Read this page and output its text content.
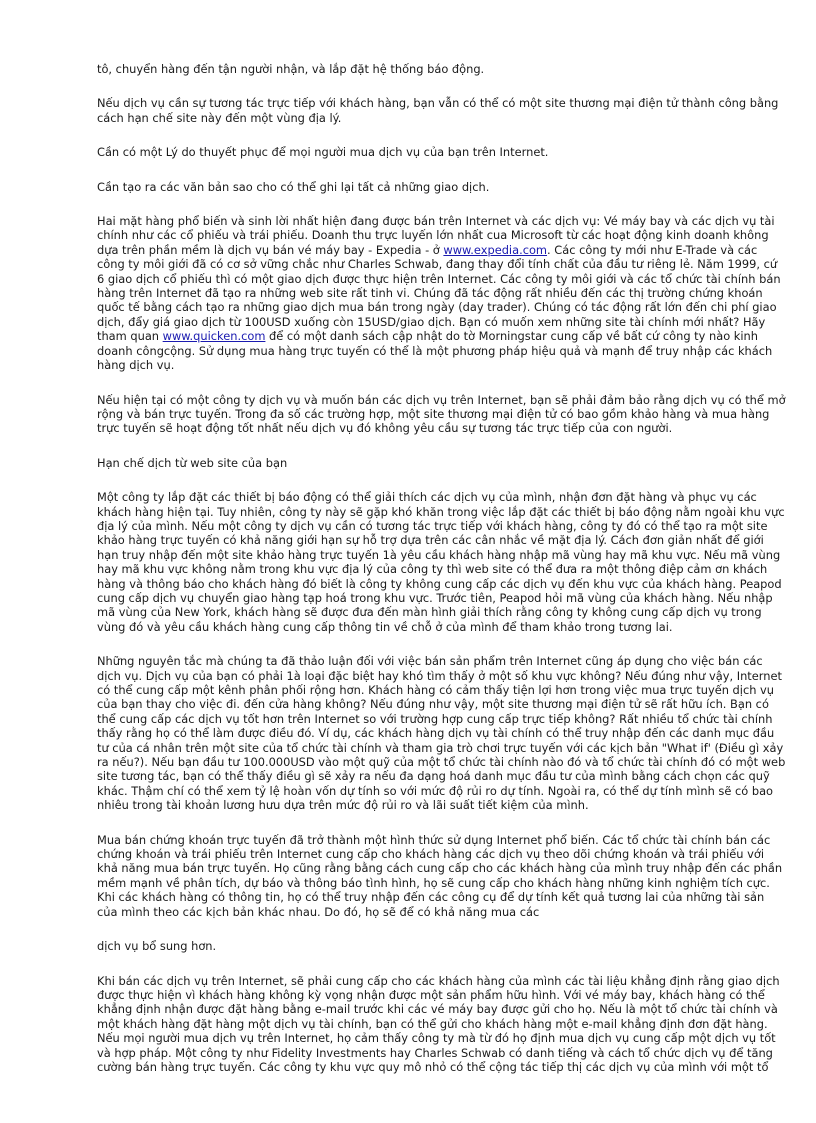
tô, chuyển hàng đến tận người nhận, và lắp đặt hệ thống báo động.

Nếu dịch vụ cần sự tương tác trực tiếp với khách hàng, bạn vẫn có thể có một site thương mại điện tử thành công bằng cách hạn chế site này đến một vùng địa lý.

Cần có một Lý do thuyết phục để mọi người mua dịch vụ của bạn trên Internet.

Cần tạo ra các văn bản sao cho có thể ghi lại tất cả những giao dịch.

Hai mặt hàng phổ biến và sinh lời nhất hiện đang được bán trên Internet và các dịch vụ: Vé máy bay và các dịch vụ tài chính như các cổ phiếu và trái phiếu. Doanh thu trực luyến lớn nhất cua Microsoft từ các hoạt động kinh doanh không dựa trên phần mềm là dịch vụ bán vé máy bay - Expedia - ở www.expedia.com. Các công ty mới như E-Trade và các công ty môi giới đã có cơ sở vững chắc như Charles Schwab, đang thay đổi tính chất của đầu tư riêng lẻ. Năm 1999, cứ 6 giao dịch cổ phiếu thì có một giao dịch được thực hiện trên Internet. Các công ty môi giới và các tổ chức tài chính bán hàng trên Internet đã tạo ra những web site rất tinh vi. Chúng đã tác động rất nhiều đến các thị trường chứng khoán quốc tế bằng cách tạo ra những giao dịch mua bán trong ngày (day trader). Chúng có tác động rất lớn đến chi phí giao dịch, đẩy giá giao dịch từ 100USD xuống còn 15USD/giao dịch. Bạn có muốn xem những site tài chính mới nhất? Hãy tham quan www.quicken.com để có một danh sách cập nhật do tờ Morningstar cung cấp về bất cứ công ty nào kinh doanh côngcộng. Sử dụng mua hàng trực tuyến có thể là một phương pháp hiệu quả và mạnh để truy nhập các khách hàng dịch vụ.

Nếu hiện tại có một công ty dịch vụ và muốn bán các dịch vụ trên Internet, bạn sẽ phải đảm bảo rằng dịch vụ có thể mở rộng và bán trực tuyến. Trong đa số các trường hợp, một site thương mại điện tử có bao gồm khảo hàng và mua hàng trực tuyến sẽ hoạt động tốt nhất nếu dịch vụ đó không yêu cầu sự tương tác trực tiếp của con người.

Hạn chế dịch từ web site của bạn

Một công ty lắp đặt các thiết bị báo động có thể giải thích các dịch vụ của mình, nhận đơn đặt hàng và phục vụ các khách hàng hiện tại. Tuy nhiên, công ty này sẽ gặp khó khăn trong việc lắp đặt các thiết bị báo động nằm ngoài khu vực địa lý của mình. Nếu một công ty dịch vụ cần có tương tác trực tiếp với khách hàng, công ty đó có thể tạo ra một site khảo hàng trực tuyến có khả năng giới hạn sự hỗ trợ dựa trên các cân nhắc về mặt địa lý. Cách đơn giản nhất để giới hạn truy nhập đến một site khảo hàng trực tuyến 1à yêu cầu khách hàng nhập mã vùng hay mã khu vực. Nếu mã vùng hay mã khu vực không nằm trong khu vực địa lý của công ty thì web site có thể đưa ra một thông điệp cảm ơn khách hàng và thông báo cho khách hàng đó biết là công ty không cung cấp các dịch vụ đến khu vực của khách hàng. Peapod cung cấp dịch vụ chuyển giao hàng tạp hoá trong khu vực. Trước tiên, Peapod hỏi mã vùng của khách hàng. Nếu nhập mã vùng của New York, khách hàng sẽ được đưa đến màn hình giải thích rằng công ty không cung cấp dịch vụ trong vùng đó và yêu cầu khách hàng cung cấp thông tin về chỗ ở của mình để tham khảo trong tương lai.

Những nguyên tắc mà chúng ta đã thảo luận đối với việc bán sản phẩm trên Internet cũng áp dụng cho việc bán các dịch vụ. Dịch vụ của bạn có phải 1à loại đặc biệt hay khó tìm thấy ở một số khu vực không? Nếu đúng như vậy, Internet có thể cung cấp một kênh phân phối rộng hơn. Khách hàng có cảm thấy tiện lợi hơn trong việc mua trực tuyến dịch vụ của bạn thay cho việc đi. đến cửa hàng không? Nếu đúng như vậy, một site thương mại điện tử sẽ rất hữu ích. Bạn có thể cung cấp các dịch vụ tốt hơn trên Internet so với trường hợp cung cấp trực tiếp không? Rất nhiều tổ chức tài chính thấy rằng họ có thể làm được điều đó. Ví dụ, các khách hàng dịch vụ tài chính có thể truy nhập đến các danh mục đầu tư của cá nhân trên một site của tổ chức tài chính và tham gia trò chơi trực tuyến với các kịch bản "What if' (Điều gì xảy ra nếu?). Nếu bạn đầu tư 100.000USD vào một quỹ của một tổ chức tài chính nào đó và tổ chức tài chính đó có một web site tương tác, bạn có thể thấy điều gì sẽ xảy ra nếu đa dạng hoá danh mục đầu tư của mình bằng cách chọn các quỹ khác. Thậm chí có thể xem tỷ lệ hoàn vốn dự tính so với mức độ rủi ro dự tính. Ngoài ra, có thể dự tính mình sẽ có bao nhiêu trong tài khoản lương hưu dựa trên mức độ rủi ro và lãi suất tiết kiệm của mình.

Mua bán chứng khoán trực tuyến đã trở thành một hình thức sử dụng Internet phổ biến. Các tổ chức tài chính bán các chứng khoán và trái phiếu trên Internet cung cấp cho khách hàng các dịch vụ theo dõi chứng khoán và trái phiếu với khả năng mua bán trực tuyến. Họ cũng rằng bằng cách cung cấp cho các khách hàng của mình truy nhập đến các phần mềm mạnh về phân tích, dự báo và thông báo tình hình, họ sẽ cung cấp cho khách hàng những kinh nghiệm tích cực. Khi các khách hàng có thông tin, họ có thể truy nhập đến các công cụ để dự tính kết quả tương lai của những tài sản của mình theo các kịch bản khác nhau. Do đó, họ sẽ để có khả năng mua các

dịch vụ bổ sung hơn.

Khi bán các dịch vụ trên Internet, sẽ phải cung cấp cho các khách hàng của mình các tài liệu khẳng định rằng giao dịch được thực hiện vì khách hàng không kỳ vọng nhận được một sản phẩm hữu hình. Với vé máy bay, khách hàng có thể khẳng định nhận được đặt hàng bằng e-mail trước khi các vé máy bay được gửi cho họ. Nếu là một tổ chức tài chính và một khách hàng đặt hàng một dịch vụ tài chính, bạn có thể gửi cho khách hàng một e-mail khẳng định đơn đặt hàng. Nếu mọi người mua dịch vụ trên Internet, họ cảm thấy công ty mà từ đó họ định mua dịch vụ cung cấp một dịch vụ tốt và hợp pháp. Một công ty như Fidelity Investments hay Charles Schwab có danh tiếng và cách tổ chức dịch vụ để tăng cường bán hàng trực tuyến. Các công ty khu vực quy mô nhỏ có thể cộng tác tiếp thị các dịch vụ của mình với một tổ
